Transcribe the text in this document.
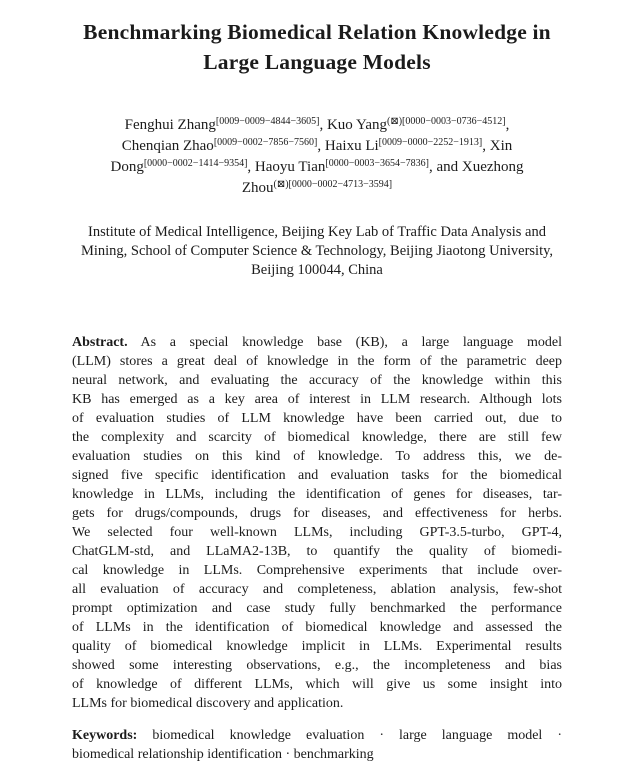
Benchmarking Biomedical Relation Knowledge in
Large Language Models
Fenghui Zhang[0009−0009−4844−3605], Kuo Yang$^{(⊠)[0000-0003-0736-4512]}$,
Chenqian Zhao[0009−0002−7856−7560], Haixu Li[0009−0000−2252−1913], Xin
Dong[0000−0002−1414−9354], Haoyu Tian[0000−0003−3654−7836], and Xuezhong
Zhou$^{(⊠)[0000-0002-4713-3594]}$
Institute of Medical Intelligence, Beijing Key Lab of Traffic Data Analysis and
Mining, School of Computer Science & Technology, Beijing Jiaotong University,
Beijing 100044, China
Abstract. As a special knowledge base (KB), a large language model
(LLM) stores a great deal of knowledge in the form of the parametric deep
neural network, and evaluating the accuracy of the knowledge within this
KB has emerged as a key area of interest in LLM research. Although lots
of evaluation studies of LLM knowledge have been carried out, due to
the complexity and scarcity of biomedical knowledge, there are still few
evaluation studies on this kind of knowledge. To address this, we de-
signed five specific identification and evaluation tasks for the biomedical
knowledge in LLMs, including the identification of genes for diseases, tar-
gets for drugs/compounds, drugs for diseases, and effectiveness for herbs.
We selected four well-known LLMs, including GPT-3.5-turbo, GPT-4,
ChatGLM-std, and LLaMA2-13B, to quantify the quality of biomedi-
cal knowledge in LLMs. Comprehensive experiments that include over-
all evaluation of accuracy and completeness, ablation analysis, few-shot
prompt optimization and case study fully benchmarked the performance
of LLMs in the identification of biomedical knowledge and assessed the
quality of biomedical knowledge implicit in LLMs. Experimental results
showed some interesting observations, e.g., the incompleteness and bias
of knowledge of different LLMs, which will give us some insight into
LLMs for biomedical discovery and application.
Keywords: biomedical knowledge evaluation · large language model ·
biomedical relationship identification · benchmarking
